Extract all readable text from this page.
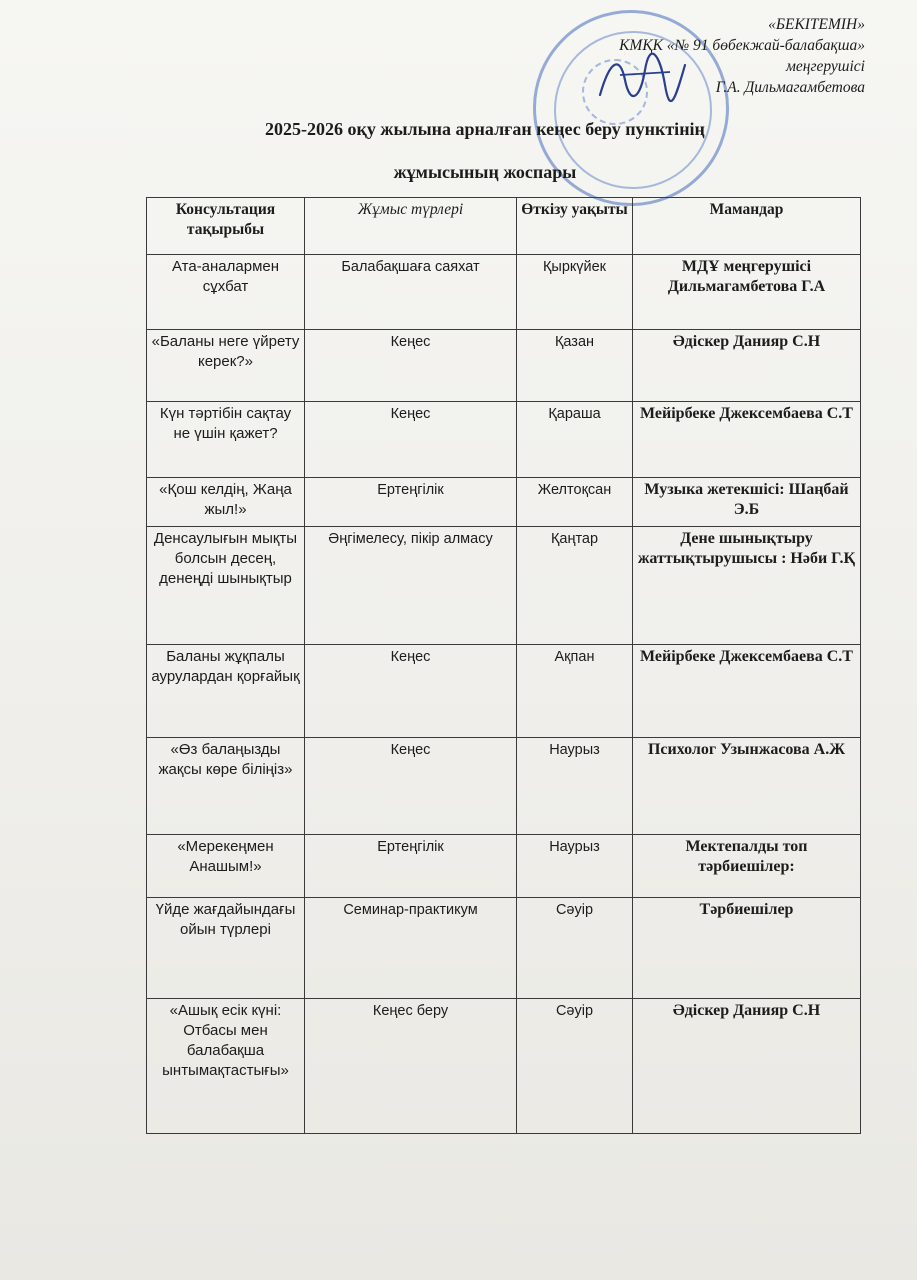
«БЕКІТЕМІН»
КМҚК «№ 91 бөбекжай-балабақша»
меңгерушісі
Г.А. Дильмагамбетова
2025-2026 оқу жылына арналған кеңес беру пунктінің
жұмысының жоспары
Консультация тақырыбы	Жұмыс түрлері	Өткізу уақыты	Мамандар
Ата-аналармен сұхбат	Балабақшаға саяхат	Қыркүйек	МДҰ меңгерушісі Дильмагамбетова Г.А
«Баланы неге үйрету керек?»	Кеңес	Қазан	Әдіскер Данияр С.Н
Күн тәртібін сақтау не үшін қажет?	Кеңес	Қараша	Мейірбеке Джексембаева С.Т
«Қош келдің, Жаңа жыл!»	Ертеңгілік	Желтоқсан	Музыка жетекшісі: Шаңбай Э.Б
Денсаулығын мықты болсын десең, денеңді шынықтыр	Әңгімелесу, пікір алмасу	Қаңтар	Дене шынықтыру жаттықтырушысы : Нәби Г.Қ
Баланы жұқпалы аурулардан қорғайық	Кеңес	Ақпан	Мейірбеке Джексембаева С.Т
«Өз балаңызды жақсы көре біліңіз»	Кеңес	Наурыз	Психолог Узынжасова А.Ж
«Мерекеңмен Анашым!»	Ертеңгілік	Наурыз	Мектепалды топ тәрбиешілер:
Үйде жағдайындағы ойын түрлері	Семинар-практикум	Сәуір	Тәрбиешілер
«Ашық есік күні: Отбасы мен балабақша ынтымақтастығы»	Кеңес беру	Сәуір	Әдіскер Данияр С.Н
